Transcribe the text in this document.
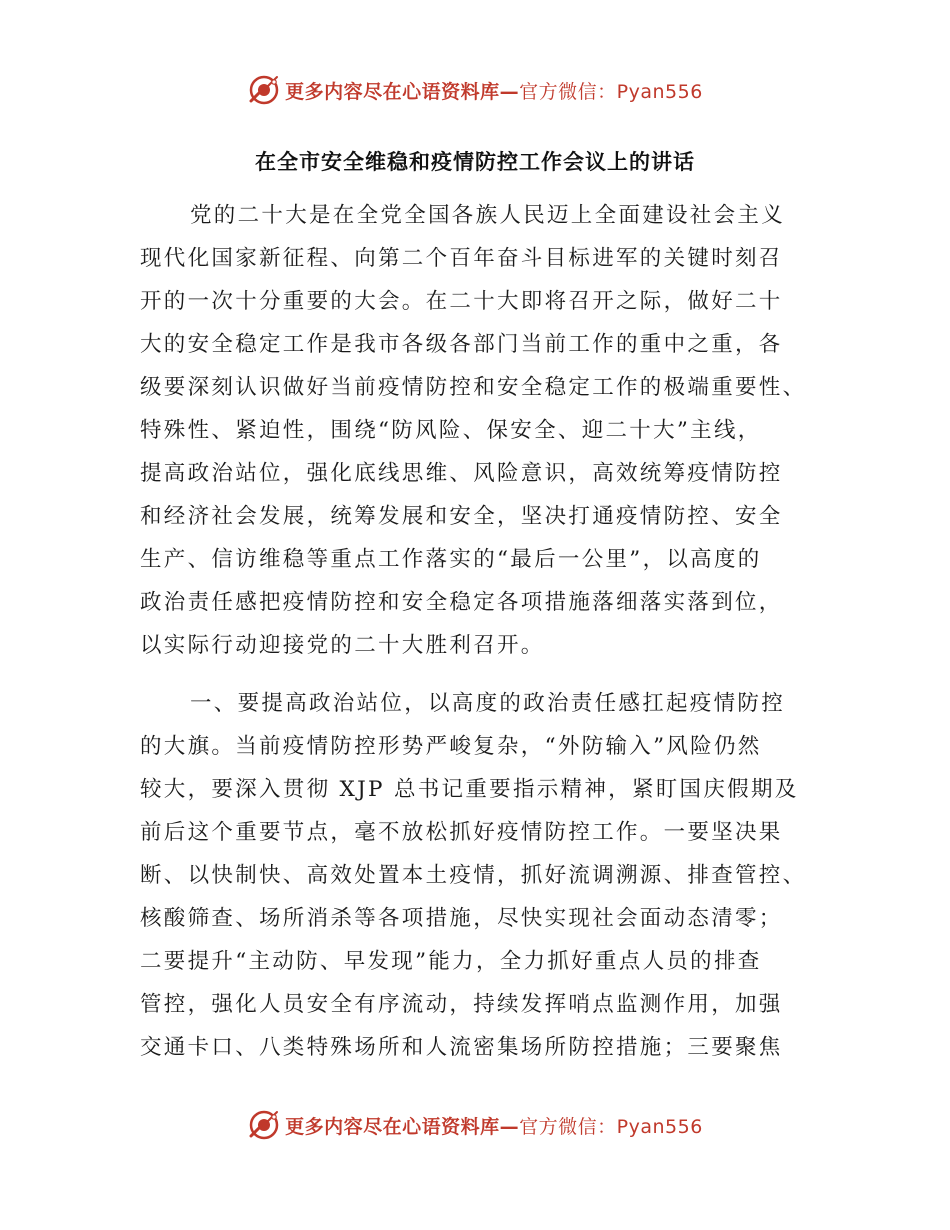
更多内容尽在心语资料库—官方微信：Pyan556
在全市安全维稳和疫情防控工作会议上的讲话
党的二十大是在全党全国各族人民迈上全面建设社会主义
现代化国家新征程、向第二个百年奋斗目标进军的关键时刻召
开的一次十分重要的大会。在二十大即将召开之际，做好二十
大的安全稳定工作是我市各级各部门当前工作的重中之重，各
级要深刻认识做好当前疫情防控和安全稳定工作的极端重要性、
特殊性、紧迫性，围绕“防风险、保安全、迎二十大”主线，
提高政治站位，强化底线思维、风险意识，高效统筹疫情防控
和经济社会发展，统筹发展和安全，坚决打通疫情防控、安全
生产、信访维稳等重点工作落实的“最后一公里”，以高度的
政治责任感把疫情防控和安全稳定各项措施落细落实落到位，
以实际行动迎接党的二十大胜利召开。
一、要提高政治站位，以高度的政治责任感扛起疫情防控
的大旗。当前疫情防控形势严峻复杂，“外防输入”风险仍然
较大，要深入贯彻 XJP 总书记重要指示精神，紧盯国庆假期及
前后这个重要节点，毫不放松抓好疫情防控工作。一要坚决果
断、以快制快、高效处置本土疫情，抓好流调溯源、排查管控、
核酸筛查、场所消杀等各项措施，尽快实现社会面动态清零；
二要提升“主动防、早发现”能力，全力抓好重点人员的排查
管控，强化人员安全有序流动，持续发挥哨点监测作用，加强
交通卡口、八类特殊场所和人流密集场所防控措施；三要聚焦
更多内容尽在心语资料库—官方微信：Pyan556
